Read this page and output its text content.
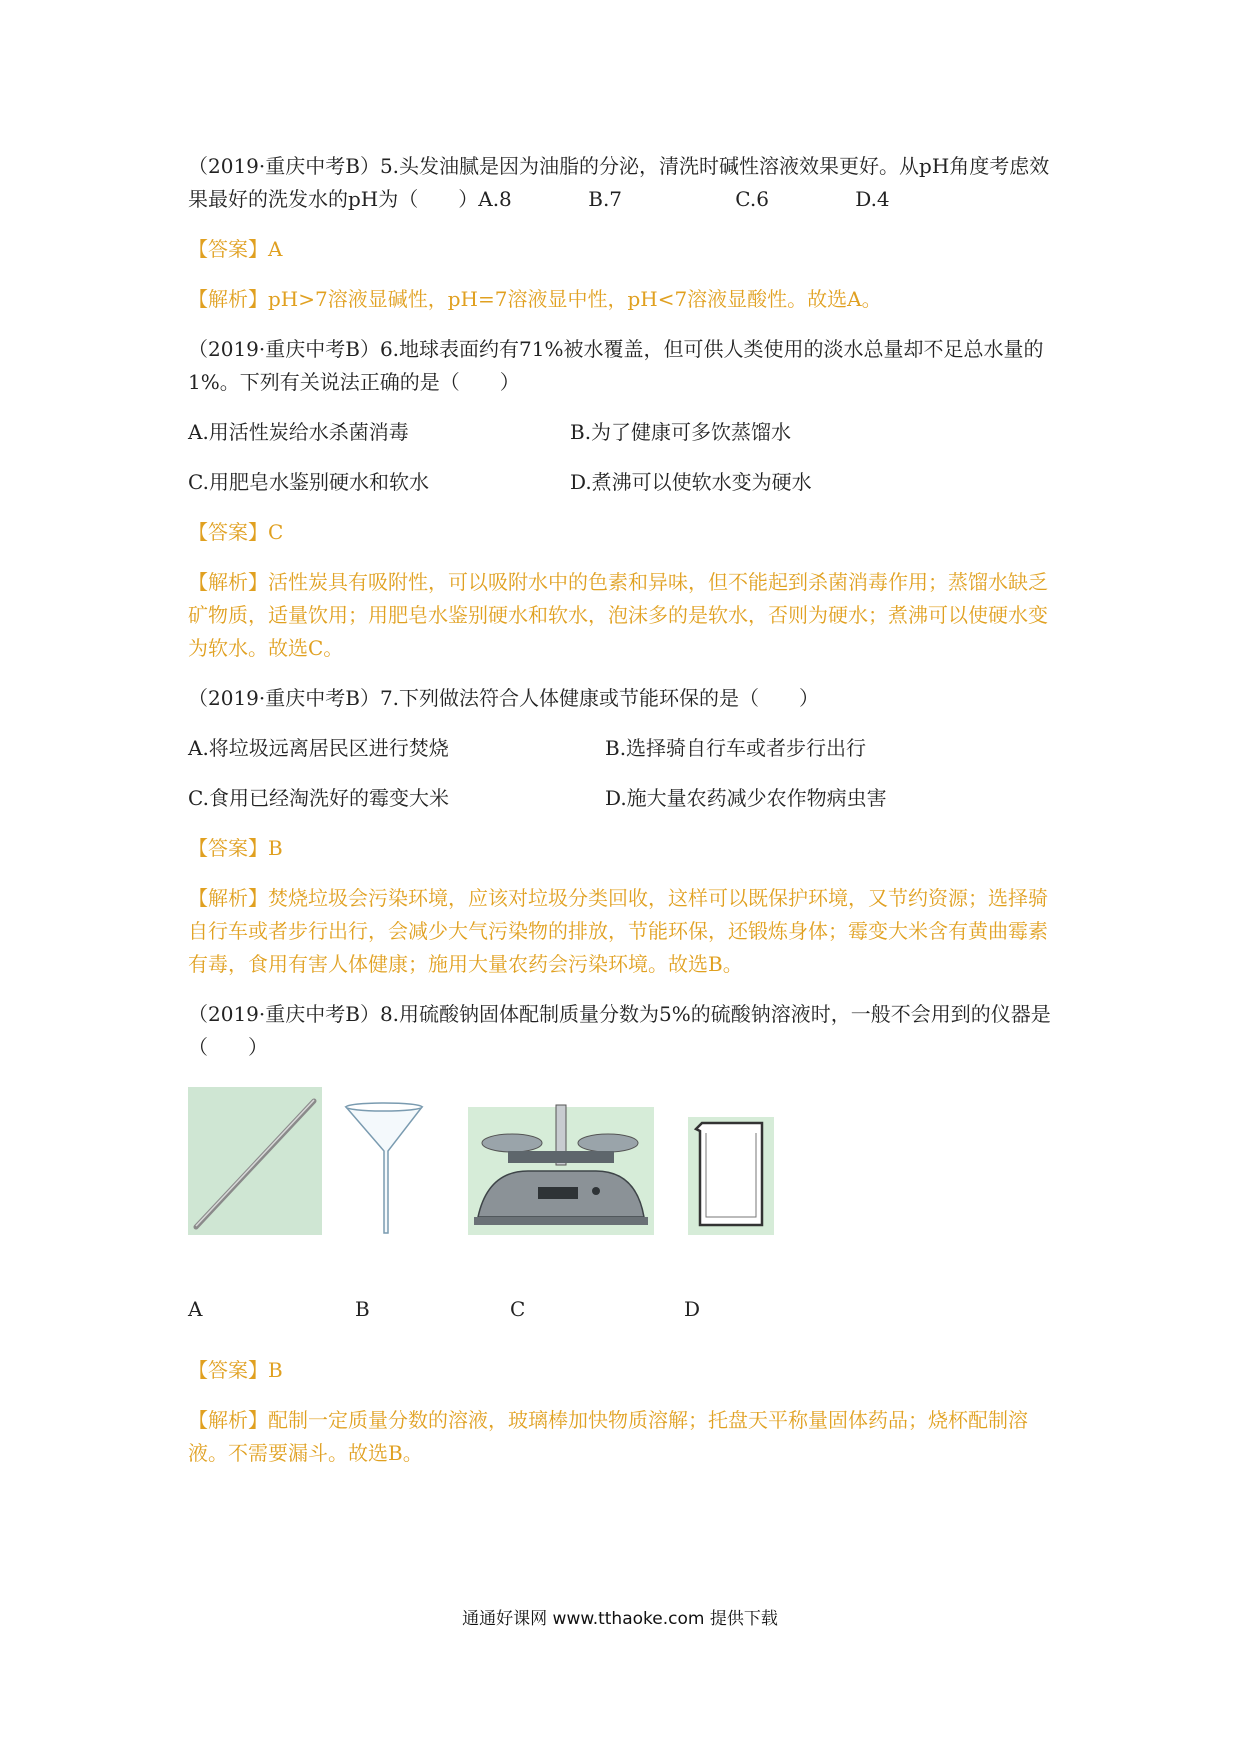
（2019·重庆中考B）5.头发油腻是因为油脂的分泌，清洗时碱性溶液效果更好。从pH角度考虑效果最好的洗发水的pH为（　　）A.8	B.7	C.6	D.4

【答案】A

【解析】pH>7溶液显碱性，pH=7溶液显中性，pH<7溶液显酸性。故选A。

（2019·重庆中考B）6.地球表面约有71%被水覆盖，但可供人类使用的淡水总量却不足总水量的1%。下列有关说法正确的是（　　）

A.用活性炭给水杀菌消毒	B.为了健康可多饮蒸馏水
C.用肥皂水鉴别硬水和软水	D.煮沸可以使软水变为硬水

【答案】C

【解析】活性炭具有吸附性，可以吸附水中的色素和异味，但不能起到杀菌消毒作用；蒸馏水缺乏矿物质，适量饮用；用肥皂水鉴别硬水和软水，泡沫多的是软水，否则为硬水；煮沸可以使硬水变为软水。故选C。

（2019·重庆中考B）7.下列做法符合人体健康或节能环保的是（　　）

A.将垃圾远离居民区进行焚烧	B.选择骑自行车或者步行出行
C.食用已经淘洗好的霉变大米	D.施大量农药减少农作物病虫害

【答案】B

【解析】焚烧垃圾会污染环境，应该对垃圾分类回收，这样可以既保护环境，又节约资源；选择骑自行车或者步行出行，会减少大气污染物的排放，节能环保，还锻炼身体；霉变大米含有黄曲霉素有毒，食用有害人体健康；施用大量农药会污染环境。故选B。

（2019·重庆中考B）8.用硫酸钠固体配制质量分数为5%的硫酸钠溶液时，一般不会用到的仪器是（　　）

A	B	C	D

【答案】B

【解析】配制一定质量分数的溶液，玻璃棒加快物质溶解；托盘天平称量固体药品；烧杯配制溶液。不需要漏斗。故选B。

通通好课网 www.tthaoke.com 提供下载
